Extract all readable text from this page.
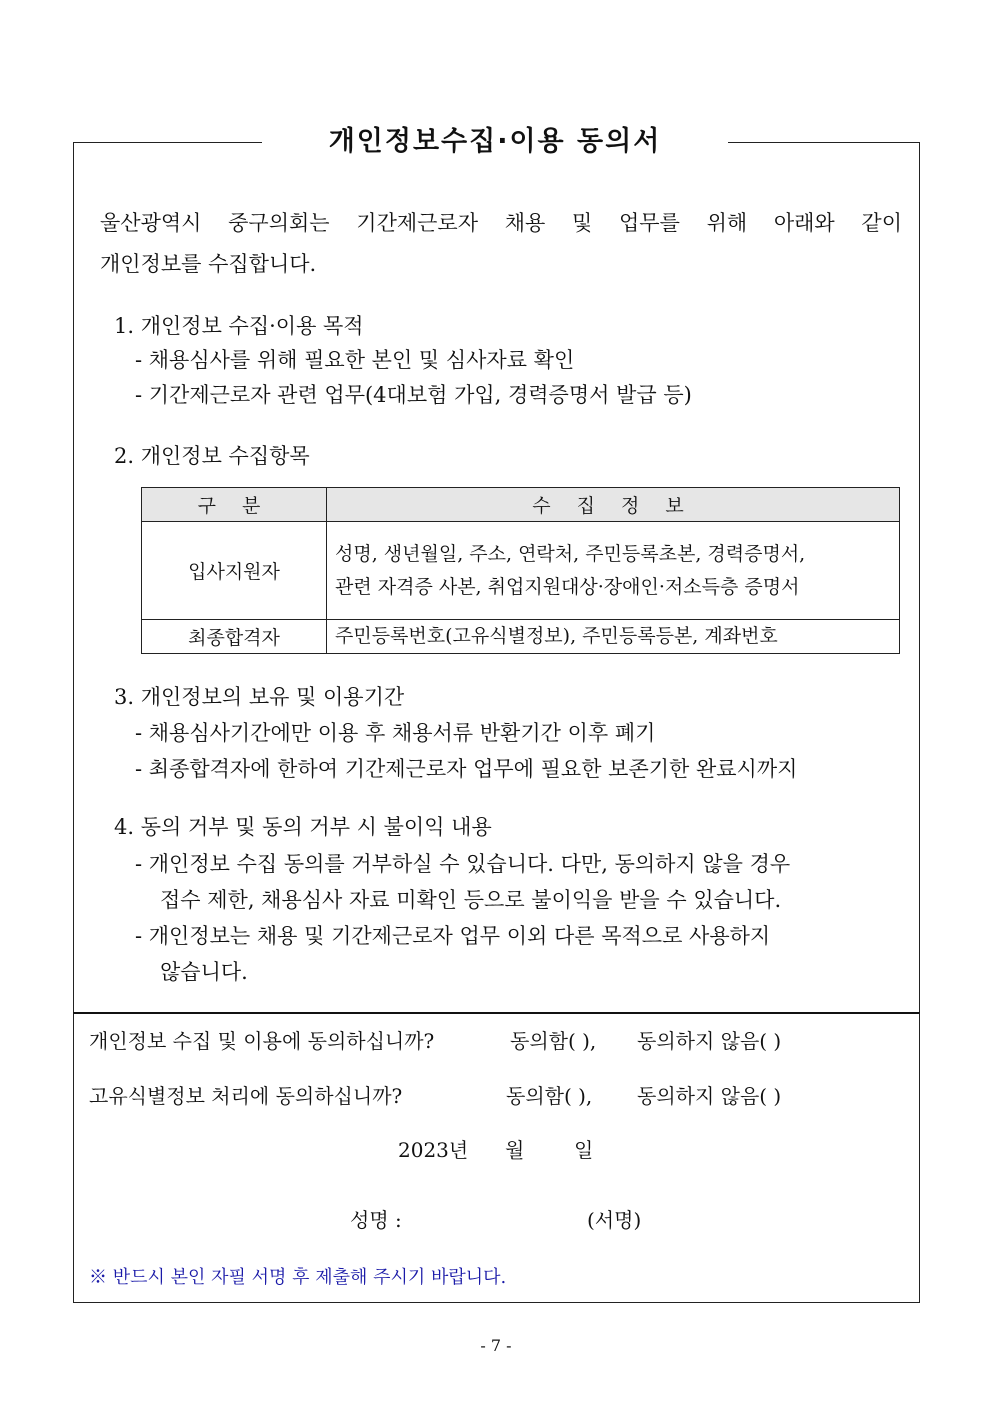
개인정보수집·이용 동의서
울산광역시 중구의회는 기간제근로자 채용 및 업무를 위해 아래와 같이
개인정보를 수집합니다.
1. 개인정보 수집·이용 목적
- 채용심사를 위해 필요한 본인 및 심사자료 확인
- 기간제근로자 관련 업무(4대보험 가입, 경력증명서 발급 등)
2. 개인정보 수집항목
구 분	수 집 정 보
입사지원자	성명, 생년월일, 주소, 연락처, 주민등록초본, 경력증명서,
관련 자격증 사본, 취업지원대상·장애인·저소득층 증명서

최종합격자	주민등록번호(고유식별정보), 주민등록등본, 계좌번호
3. 개인정보의 보유 및 이용기간
- 채용심사기간에만 이용 후 채용서류 반환기간 이후 폐기
- 최종합격자에 한하여 기간제근로자 업무에 필요한 보존기한 완료시까지
4. 동의 거부 및 동의 거부 시 불이익 내용
- 개인정보 수집 동의를 거부하실 수 있습니다. 다만, 동의하지 않을 경우
접수 제한, 채용심사 자료 미확인 등으로 불이익을 받을 수 있습니다.
- 개인정보는 채용 및 기간제근로자 업무 이외 다른 목적으로 사용하지
않습니다.
개인정보 수집 및 이용에 동의하십니까?	동의함( ), 동의하지 않음( )
고유식별정보 처리에 동의하십니까?	동의함( ), 동의하지 않음( )
2023년 월 일
성명 :	(서명)
※ 반드시 본인 자필 서명 후 제출해 주시기 바랍니다.
- 7 -
